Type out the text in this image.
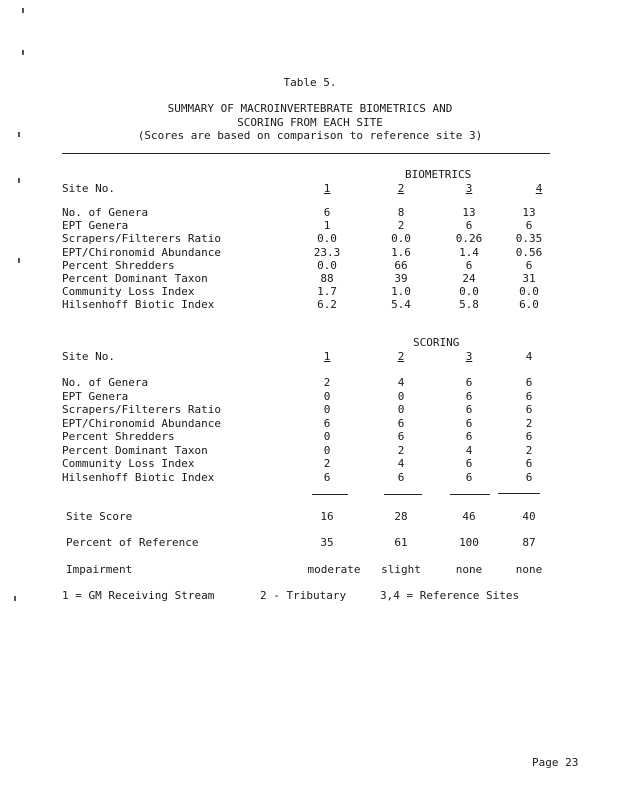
Table 5.
SUMMARY OF MACROINVERTEBRATE BIOMETRICS AND
SCORING FROM EACH SITE
(Scores are based on comparison to reference site 3)
BIOMETRICS
Site No.	1	2	3	4
No. of Genera	6	8	13	13
EPT Genera	1	2	6	6
Scrapers/Filterers Ratio	0.0	0.0	0.26	0.35
EPT/Chironomid Abundance	23.3	1.6	1.4	0.56
Percent Shredders	0.0	66	6	6
Percent Dominant Taxon	88	39	24	31
Community Loss Index	1.7	1.0	0.0	0.0
Hilsenhoff Biotic Index	6.2	5.4	5.8	6.0
SCORING
Site No.	1	2	3	4
No. of Genera	2	4	6	6
EPT Genera	0	0	6	6
Scrapers/Filterers Ratio	0	0	6	6
EPT/Chironomid Abundance	6	6	6	2
Percent Shredders	0	6	6	6
Percent Dominant Taxon	0	2	4	2
Community Loss Index	2	4	6	6
Hilsenhoff Biotic Index	6	6	6	6
Site Score	16	28	46	40
Percent of Reference	35	61	100	87
Impairment	moderate	slight	none	none
1 = GM Receiving Stream	2 - Tributary	3,4 = Reference Sites
Page 23
